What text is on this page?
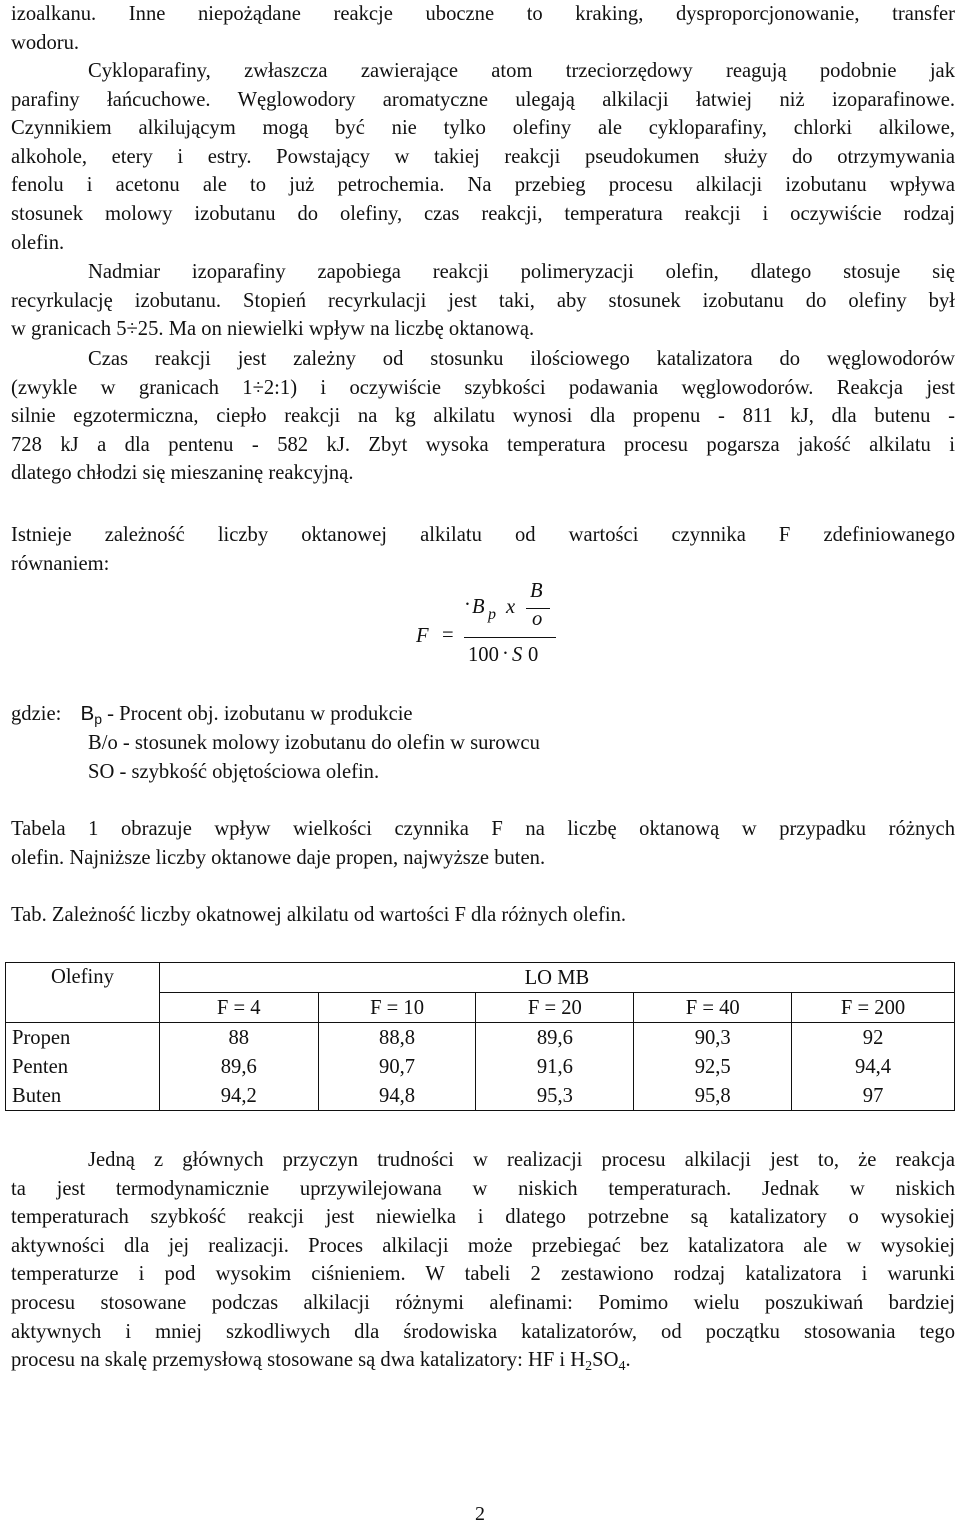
izoalkanu. Inne niepożądane reakcje uboczne to kraking, dysproporcjonowanie, transfer
wodoru.
Cykloparafiny, zwłaszcza zawierające atom trzeciorzędowy reagują podobnie jak
parafiny łańcuchowe. Węglowodory aromatyczne ulegają alkilacji łatwiej niż izoparafinowe.
Czynnikiem alkilującym mogą być nie tylko olefiny ale cykloparafiny, chlorki alkilowe,
alkohole, etery i estry. Powstający w takiej reakcji pseudokumen służy do otrzymywania
fenolu i acetonu ale to już petrochemia. Na przebieg procesu alkilacji izobutanu wpływa
stosunek molowy izobutanu do olefiny, czas reakcji, temperatura reakcji i oczywiście rodzaj
olefin.
Nadmiar izoparafiny zapobiega reakcji polimeryzacji olefin, dlatego stosuje się
recyrkulację izobutanu. Stopień recyrkulacji jest taki, aby stosunek izobutanu do olefiny był
w granicach 5÷25. Ma on niewielki wpływ na liczbę oktanową.
Czas reakcji jest zależny od stosunku ilościowego katalizatora do węglowodorów
(zwykle w granicach 1÷2:1) i oczywiście szybkości podawania węglowodorów. Reakcja jest
silnie egzotermiczna, ciepło reakcji na kg alkilatu wynosi dla propenu - 811 kJ, dla butenu -
728 kJ a dla pentenu - 582 kJ. Zbyt wysoka temperatura procesu pogarsza jakość alkilatu i
dlatego chłodzi się mieszaninę reakcyjną.
Istnieje zależność liczby oktanowej alkilatu od wartości czynnika F zdefiniowanego
równaniem:
F =
· B p x
B
o
100 · S 0
gdzie: $B_p$ - Procent obj. izobutanu w produkcie
B/o - stosunek molowy izobutanu do olefin w surowcu
SO - szybkość objętościowa olefin.
Tabela 1 obrazuje wpływ wielkości czynnika F na liczbę oktanową w przypadku różnych
olefin. Najniższe liczby oktanowe daje propen, najwyższe buten.
Tab. Zależność liczby okatnowej alkilatu od wartości F dla różnych olefin.
Olefiny	LO MB				
	F = 4	F = 10	F = 20	F = 40	F = 200
Propen	88	88,8	89,6	90,3	92
Penten	89,6	90,7	91,6	92,5	94,4
Buten	94,2	94,8	95,3	95,8	97
Jedną z głównych przyczyn trudności w realizacji procesu alkilacji jest to, że reakcja
ta jest termodynamicznie uprzywilejowana w niskich temperaturach. Jednak w niskich
temperaturach szybkość reakcji jest niewielka i dlatego potrzebne są katalizatory o wysokiej
aktywności dla jej realizacji. Proces alkilacji może przebiegać bez katalizatora ale w wysokiej
temperaturze i pod wysokim ciśnieniem. W tabeli 2 zestawiono rodzaj katalizatora i warunki
procesu stosowane podczas alkilacji różnymi alefinami: Pomimo wielu poszukiwań bardziej
aktywnych i mniej szkodliwych dla środowiska katalizatorów, od początku stosowania tego
procesu na skalę przemysłową stosowane są dwa katalizatory: HF i $H_2SO_4$.
2
